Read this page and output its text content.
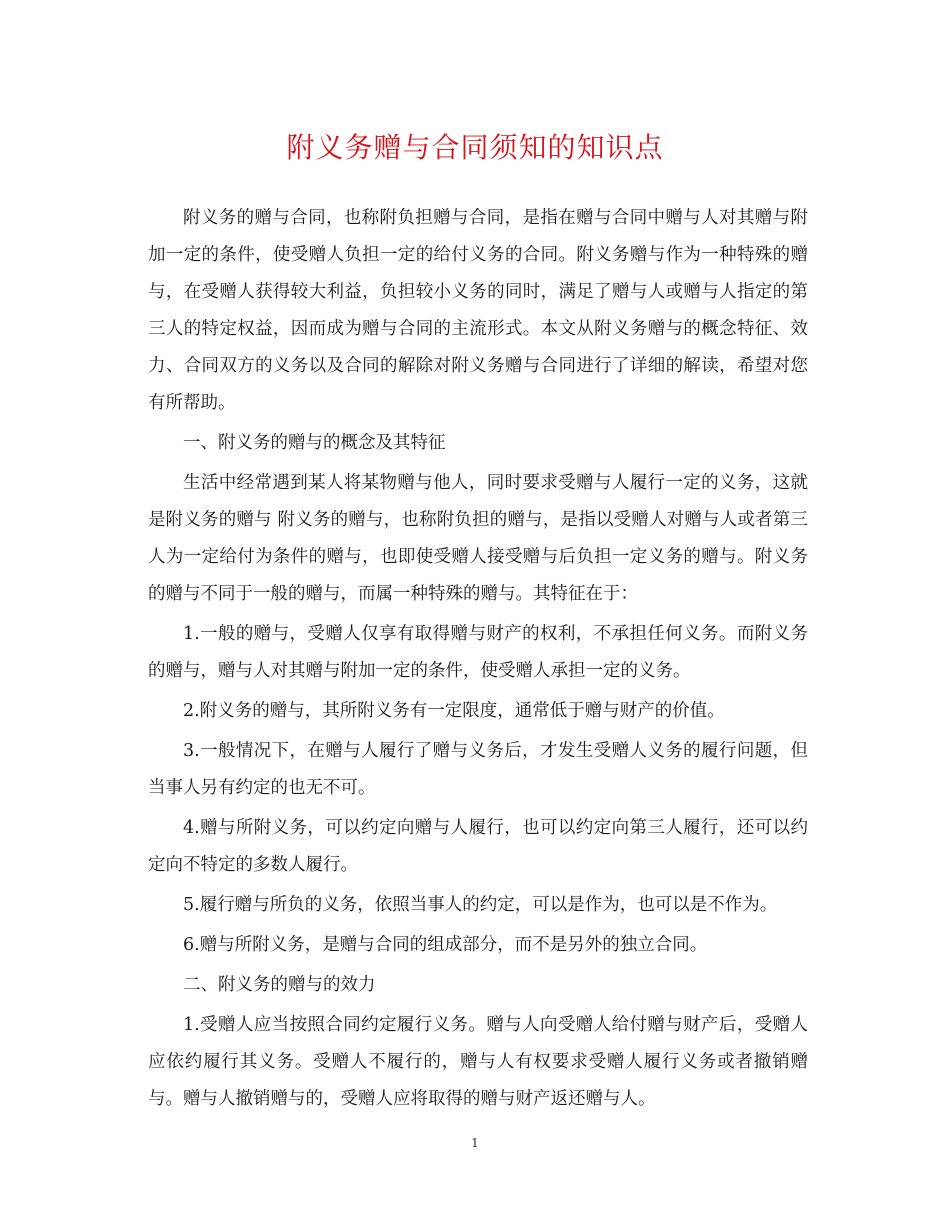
附义务赠与合同须知的知识点

附义务的赠与合同，也称附负担赠与合同，是指在赠与合同中赠与人对其赠与附加一定的条件，使受赠人负担一定的给付义务的合同。附义务赠与作为一种特殊的赠与，在受赠人获得较大利益，负担较小义务的同时，满足了赠与人或赠与人指定的第三人的特定权益，因而成为赠与合同的主流形式。本文从附义务赠与的概念特征、效力、合同双方的义务以及合同的解除对附义务赠与合同进行了详细的解读，希望对您有所帮助。

一、附义务的赠与的概念及其特征

生活中经常遇到某人将某物赠与他人，同时要求受赠与人履行一定的义务，这就是附义务的赠与 附义务的赠与，也称附负担的赠与，是指以受赠人对赠与人或者第三人为一定给付为条件的赠与，也即使受赠人接受赠与后负担一定义务的赠与。附义务的赠与不同于一般的赠与，而属一种特殊的赠与。其特征在于：

1.一般的赠与，受赠人仅享有取得赠与财产的权利，不承担任何义务。而附义务的赠与，赠与人对其赠与附加一定的条件，使受赠人承担一定的义务。

2.附义务的赠与，其所附义务有一定限度，通常低于赠与财产的价值。

3.一般情况下，在赠与人履行了赠与义务后，才发生受赠人义务的履行问题，但当事人另有约定的也无不可。

4.赠与所附义务，可以约定向赠与人履行，也可以约定向第三人履行，还可以约定向不特定的多数人履行。

5.履行赠与所负的义务，依照当事人的约定，可以是作为，也可以是不作为。

6.赠与所附义务，是赠与合同的组成部分，而不是另外的独立合同。

二、附义务的赠与的效力

1.受赠人应当按照合同约定履行义务。赠与人向受赠人给付赠与财产后，受赠人应依约履行其义务。受赠人不履行的，赠与人有权要求受赠人履行义务或者撤销赠与。赠与人撤销赠与的，受赠人应将取得的赠与财产返还赠与人。

1
